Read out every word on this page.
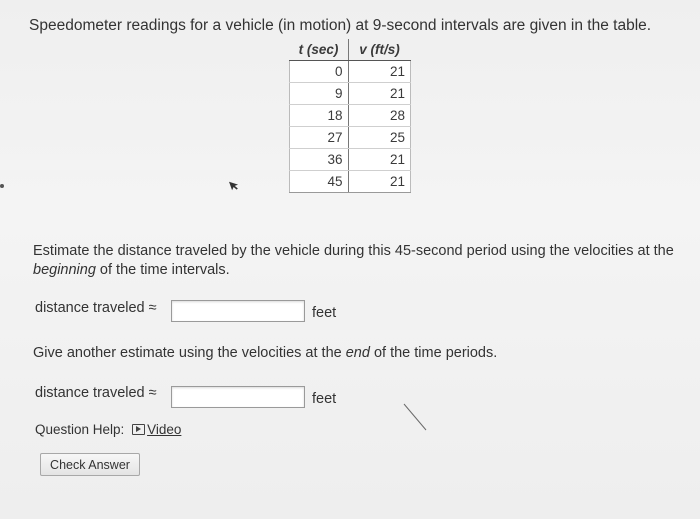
Speedometer readings for a vehicle (in motion) at 9-second intervals are given in the table.
t (sec)	v (ft/s)
0	21
9	21
18	28
27	25
36	21
45	21
Estimate the distance traveled by the vehicle during this 45-second period using the velocities at the beginning of the time intervals.
distance traveled ≈	feet
Give another estimate using the velocities at the end of the time periods.
distance traveled ≈	feet
Question Help: Video
Check Answer
